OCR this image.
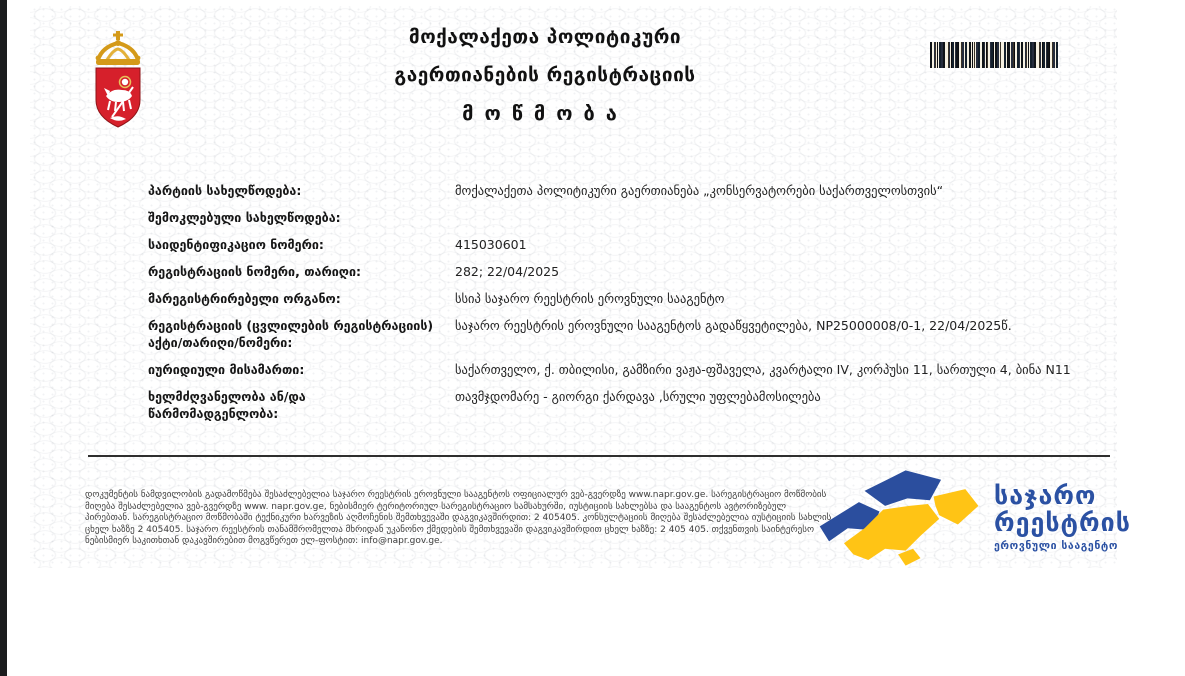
მოქალაქეთა პოლიტიკური
გაერთიანების რეგისტრაციის
მოწმობა
პარტიის სახელწოდება:	მოქალაქეთა პოლიტიკური გაერთიანება „კონსერვატორები საქართველოსთვის“
შემოკლებული სახელწოდება:
საიდენტიფიკაციო ნომერი:	415030601
რეგისტრაციის ნომერი, თარიღი:	282; 22/04/2025
მარეგისტრირებელი ორგანო:	სსიპ საჯარო რეესტრის ეროვნული სააგენტო
რეგისტრაციის (ცვლილების რეგისტრაციის) აქტი/თარიღი/ნომერი:
საჯარო რეესტრის ეროვნული სააგენტოს გადაწყვეტილება, NP25000008/0-1, 22/04/2025წ.
იურიდიული მისამართი:	საქართველო, ქ. თბილისი, გამზირი ვაჟა-ფშაველა, კვარტალი IV, კორპუსი 11, სართული 4, ბინა N11
ხელმძღვანელობა ან/და წარმომადგენლობა:
თავმჯდომარე - გიორგი ქარდავა ,სრული უფლებამოსილება
დოკუმენტის ნამდვილობის გადამოწმება შესაძლებელია საჯარო რეესტრის ეროვნული სააგენტოს ოფიციალურ ვებ-გვერდზე www.napr.gov.ge. სარეგისტრაციო მოწმობის მიღება შესაძლებელია ვებ-გვერდზე www. napr.gov.ge, ნებისმიერ ტერიტორიულ სარეგისტრაციო სამსახურში, იუსტიციის სახლებსა და სააგენტოს ავტორიზებულ პირებთან. სარეგისტრაციო მოწმობაში ტექნიკური ხარვეზის აღმოჩენის შემთხვევაში დაგვიკავშირდით: 2 405405. კონსულტაციის მიღება შესაძლებელია იუსტიციის სახლის ცხელ ხაზზე 2 405405. საჯარო რეესტრის თანამშრომელთა მხრიდან უკანონო ქმედების შემთხვევაში დაგვიკავშირდით ცხელ ხაზზე: 2 405 405. თქვენთვის საინტერესო ნებისმიერ საკითხთან დაკავშირებით მოგვწერეთ ელ-ფოსტით: info@napr.gov.ge.
საჯარო
რეესტრის
ეროვნული სააგენტო
